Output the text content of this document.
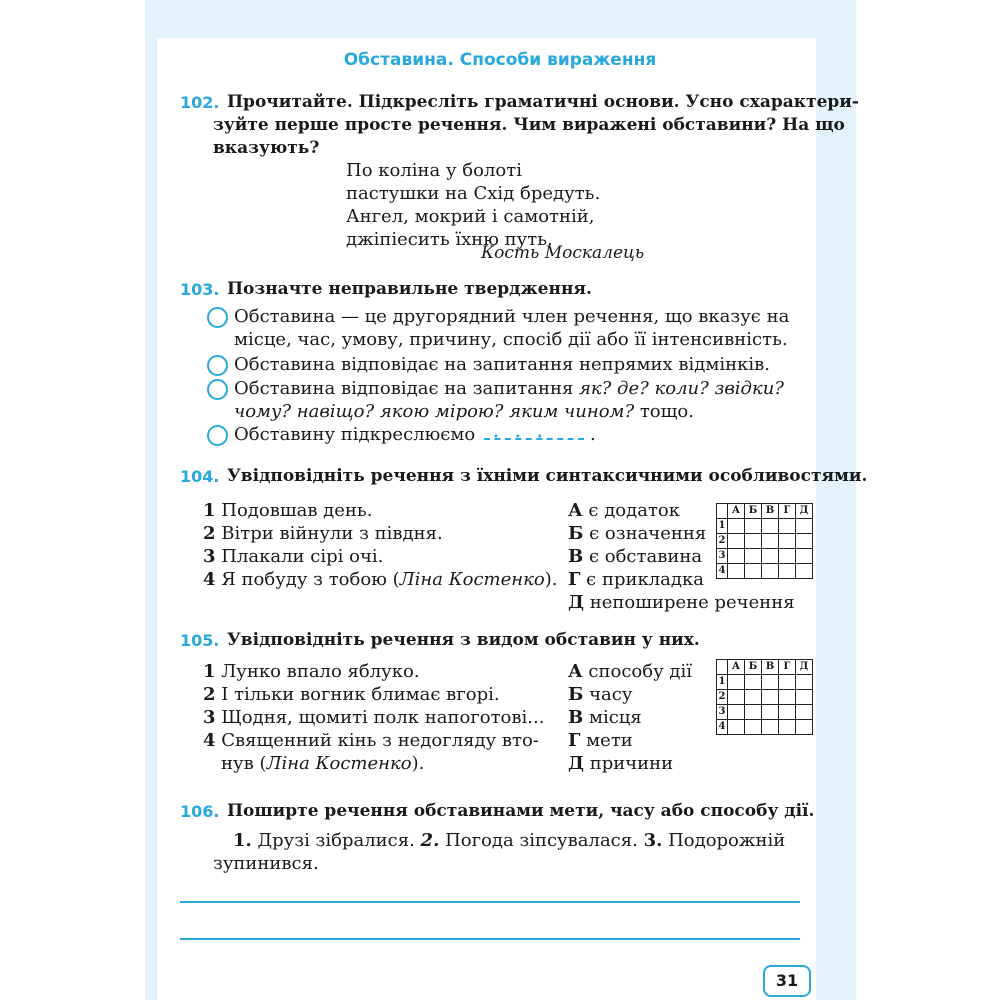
Обставина. Способи вираження
102. Прочитайте. Підкресліть граматичні основи. Усно схарактери-
зуйте перше просте речення. Чим виражені обставини? На що
вказують?
По коліна у болоті
пастушки на Схід бредуть.
Ангел, мокрий і самотній,
джіпіесить їхню путь.
Кость Москалець
103. Позначте неправильне твердження.
Обставина — це другорядний член речення, що вказує на
місце, час, умову, причину, спосіб дії або її інтенсивність.
Обставина відповідає на запитання непрямих відмінків.
Обставина відповідає на запитання як? де? коли? звідки?
чому? навіщо? якою мірою? яким чином? тощо.
Обставину підкреслюємо ••• .
104. Увідповідніть речення з їхніми синтаксичними особливостями.
1 Подовшав день.
2 Вітри війнули з півдня.
3 Плакали сірі очі.
4 Я побуду з тобою (Ліна Костенко).
А є додаток
Б є означення
В є обставина
Г є прикладка
Д непоширене речення
	А	Б	В	Г	Д
1					
2					
3					
4					
105. Увідповідніть речення з видом обставин у них.
1 Лунко впало яблуко.
2 І тільки вогник блимає вгорі.
3 Щодня, щомиті полк напоготові...
4 Священний кінь з недогляду вто-
нув (Ліна Костенко).
А способу дії
Б часу
В місця
Г мети
Д причини
	А	Б	В	Г	Д
1					
2					
3					
4					
106. Поширте речення обставинами мети, часу або способу дії.
1. Друзі зібралися. 2. Погода зіпсувалася. 3. Подорожній
зупинився.
31
